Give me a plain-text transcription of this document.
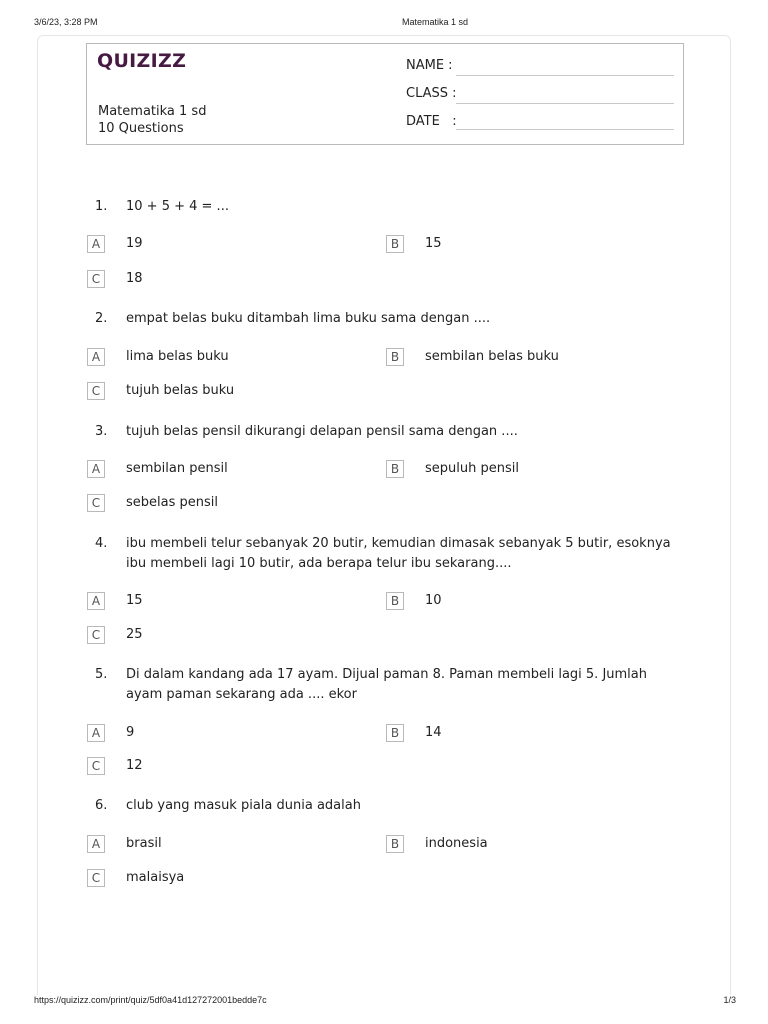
3/6/23, 3:28 PM	Matematika 1 sd
QUIZIZZ
Matematika 1 sd
10 Questions
NAME :
CLASS :
DATE   :
1. 10 + 5 + 4 = ...
A	19	B	15
C	18
2. empat belas buku ditambah lima buku sama dengan ....
A	lima belas buku	B	sembilan belas buku
C	tujuh belas buku
3. tujuh belas pensil dikurangi delapan pensil sama dengan ....
A	sembilan pensil	B	sepuluh pensil
C	sebelas pensil
4. ibu membeli telur sebanyak 20 butir, kemudian dimasak sebanyak 5 butir, esoknya ibu membeli lagi 10 butir, ada berapa telur ibu sekarang....
A	15	B	10
C	25
5. Di dalam kandang ada 17 ayam. Dijual paman 8. Paman membeli lagi 5. Jumlah ayam paman sekarang ada .... ekor
A	9	B	14
C	12
6. club yang masuk piala dunia adalah
A	brasil	B	indonesia
C	malaisya
https://quizizz.com/print/quiz/5df0a41d127272001bedde7c	1/3
